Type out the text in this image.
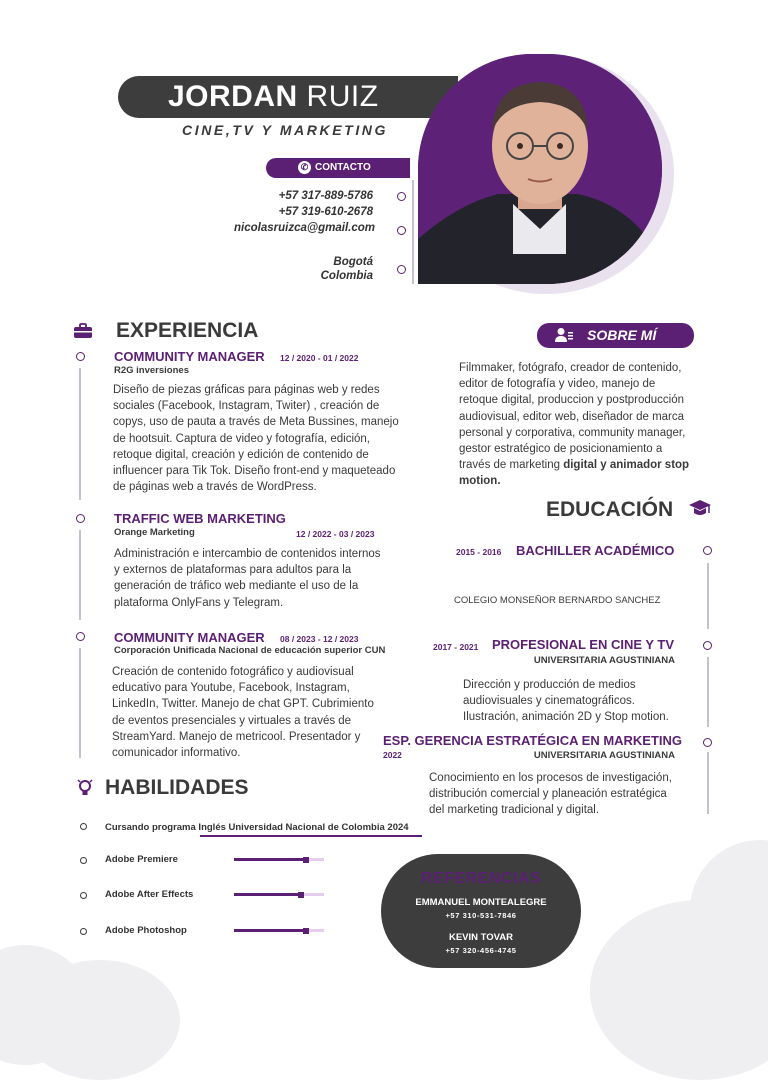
JORDAN RUIZ
CINE,TV Y MARKETING
✆ CONTACTO
+57 317-889-5786
+57 319-610-2678
nicolasruizca@gmail.com
Bogotá
Colombia
EXPERIENCIA
COMMUNITY MANAGER 12 / 2020 - 01 / 2022
R2G inversiones
Diseño de piezas gráficas para páginas web y redes sociales (Facebook, Instagram, Twiter) , creación de copys, uso de pauta a través de Meta Bussines, manejo de hootsuit. Captura de video y fotografía, edición, retoque digital, creación y edición de contenido de influencer para Tik Tok. Diseño front-end y maquetеado de páginas web a través de WordPress.
TRAFFIC WEB MARKETING
Orange Marketing	12 / 2022 - 03 / 2023
Administración e intercambio de contenidos internos y externos de plataformas para adultos para la generación de tráfico web mediante el uso de la plataforma OnlyFans y Telegram.
COMMUNITY MANAGER 08 / 2023 - 12 / 2023
Corporación Unificada Nacional de educación superior CUN
Creación de contenido fotográfico y audiovisual educativo para Youtube, Facebook, Instagram, LinkedIn, Twitter. Manejo de chat GPT. Cubrimiento de eventos presenciales y virtuales a través de StreamYard. Manejo de metricool. Presentador y comunicador informativo.
SOBRE MÍ
Filmmaker, fotógrafo, creador de contenido, editor de fotografía y video, manejo de retoque digital, produccion y postproducción audiovisual, editor web, diseñador de marca personal y corporativa, community manager, gestor estratégico de posicionamiento a través de marketing digital y animador stop motion.
EDUCACIÓN
2015 - 2016 BACHILLER ACADÉMICO
COLEGIO MONSEÑOR BERNARDO SANCHEZ
2017 - 2021 PROFESIONAL EN CINE Y TV
UNIVERSITARIA AGUSTINIANA
Dirección y producción de medios audiovisuales y cinematográficos. Ilustración, animación 2D y Stop motion.
ESP. GERENCIA ESTRATÉGICA EN MARKETING
2022	UNIVERSITARIA AGUSTINIANA
Conocimiento en los procesos de investigación, distribución comercial y planeación estratégica del marketing tradicional y digital.
HABILIDADES
Cursando programa Inglés Universidad Nacional de Colombia 2024
Adobe Premiere
Adobe After Effects
Adobe Photoshop
REFERENCIAS
EMMANUEL MONTEALEGRE
+57 310-531-7846
KEVIN TOVAR
+57 320-456-4745
